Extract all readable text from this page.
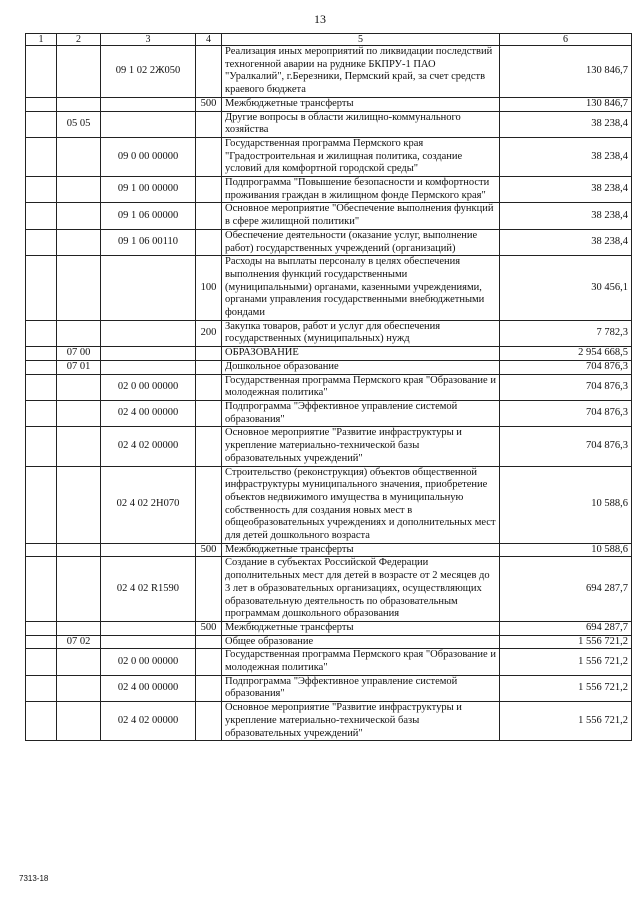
13
1	2	3	4	5	6
		09 1 02 2Ж050		Реализация иных мероприятий по ликвидации последствий техногенной аварии на руднике БКПРУ-1 ПАО "Уралкалий", г.Березники, Пермский край, за счет средств краевого бюджета	130 846,7
			500	Межбюджетные трансферты	130 846,7
	05 05			Другие вопросы в области жилищно-коммунального хозяйства	38 238,4
		09 0 00 00000		Государственная программа Пермского края "Градостроительная и жилищная политика, создание условий для комфортной городской среды"	38 238,4
		09 1 00 00000		Подпрограмма "Повышение безопасности и комфортности проживания граждан в жилищном фонде Пермского края"	38 238,4
		09 1 06 00000		Основное мероприятие "Обеспечение выполнения функций в сфере жилищной политики"	38 238,4
		09 1 06 00110		Обеспечение деятельности (оказание услуг, выполнение работ) государственных учреждений (организаций)	38 238,4
			100	Расходы на выплаты персоналу в целях обеспечения выполнения функций государственными (муниципальными) органами, казенными учреждениями, органами управления государственными внебюджетными фондами	30 456,1
			200	Закупка товаров, работ и услуг для обеспечения государственных (муниципальных) нужд	7 782,3
	07 00			ОБРАЗОВАНИЕ	2 954 668,5
	07 01			Дошкольное образование	704 876,3
		02 0 00 00000		Государственная программа Пермского края "Образование и молодежная политика"	704 876,3
		02 4 00 00000		Подпрограмма "Эффективное управление системой образования"	704 876,3
		02 4 02 00000		Основное мероприятие "Развитие инфраструктуры и укрепление материально-технической базы образовательных учреждений"	704 876,3
		02 4 02 2Н070		Строительство (реконструкция) объектов общественной инфраструктуры муниципального значения, приобретение объектов недвижимого имущества в муниципальную собственность для создания новых мест в общеобразовательных учреждениях и дополнительных мест для детей дошкольного возраста	10 588,6
			500	Межбюджетные трансферты	10 588,6
		02 4 02 R1590		Создание в субъектах Российской Федерации дополнительных мест для детей в возрасте от 2 месяцев до 3 лет в образовательных организациях, осуществляющих образовательную деятельность по образовательным программам дошкольного образования	694 287,7
			500	Межбюджетные трансферты	694 287,7
	07 02			Общее образование	1 556 721,2
		02 0 00 00000		Государственная программа Пермского края "Образование и молодежная политика"	1 556 721,2
		02 4 00 00000		Подпрограмма "Эффективное управление системой образования"	1 556 721,2
		02 4 02 00000		Основное мероприятие "Развитие инфраструктуры и укрепление материально-технической базы образовательных учреждений"	1 556 721,2
7313-18
